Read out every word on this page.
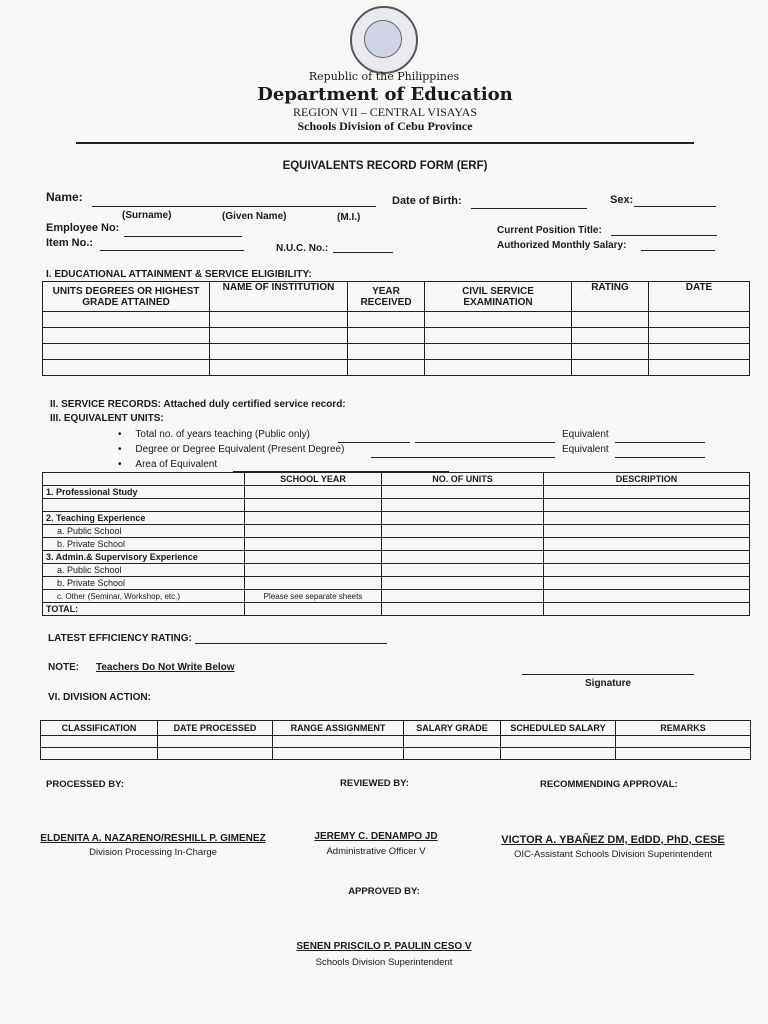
Republic of the Philippines
Department of Education
REGION VII – CENTRAL VISAYAS
Schools Division of Cebu Province
EQUIVALENTS RECORD FORM (ERF)
Name:	Date of Birth:	Sex:
(Surname)	(Given Name)	(M.I.)
Employee No:	Current Position Title:
Item No.:	N.U.C. No.:	Authorized Monthly Salary:
I. EDUCATIONAL ATTAINMENT & SERVICE ELIGIBILITY:
UNITS DEGREES OR HIGHEST GRADE ATTAINED	NAME OF INSTITUTION	YEAR RECEIVED	CIVIL SERVICE EXAMINATION	RATING	DATE

II. SERVICE RECORDS: Attached duly certified service record:
III. EQUIVALENT UNITS:
•     Total no. of years teaching (Public only)	Equivalent
•     Degree or Degree Equivalent (Present Degree)	Equivalent
•     Area of Equivalent
	SCHOOL YEAR	NO. OF UNITS	DESCRIPTION
1. Professional Study			

2. Teaching Experience			
a. Public School			
b. Private School			
3. Admin.& Supervisory Experience			
a. Public School			
b. Private School			
c. Other (Seminar, Workshop, etc.)	Please see separate sheets		
TOTAL:			
LATEST EFFICIENCY RATING:
NOTE: Teachers Do Not Write Below
Signature
VI. DIVISION ACTION:
CLASSIFICATION	DATE PROCESSED	RANGE ASSIGNMENT	SALARY GRADE	SCHEDULED SALARY	REMARKS

PROCESSED BY:	REVIEWED BY:	RECOMMENDING APPROVAL:
ELDENITA A. NAZARENO/RESHILL P. GIMENEZ
Division Processing In-Charge
JEREMY C. DENAMPO JD
Administrative Officer V
VICTOR A. YBAÑEZ DM, EdDD, PhD, CESE
OIC-Assistant Schools Division Superintendent
APPROVED BY:
SENEN PRISCILO P. PAULIN CESO V
Schools Division Superintendent
